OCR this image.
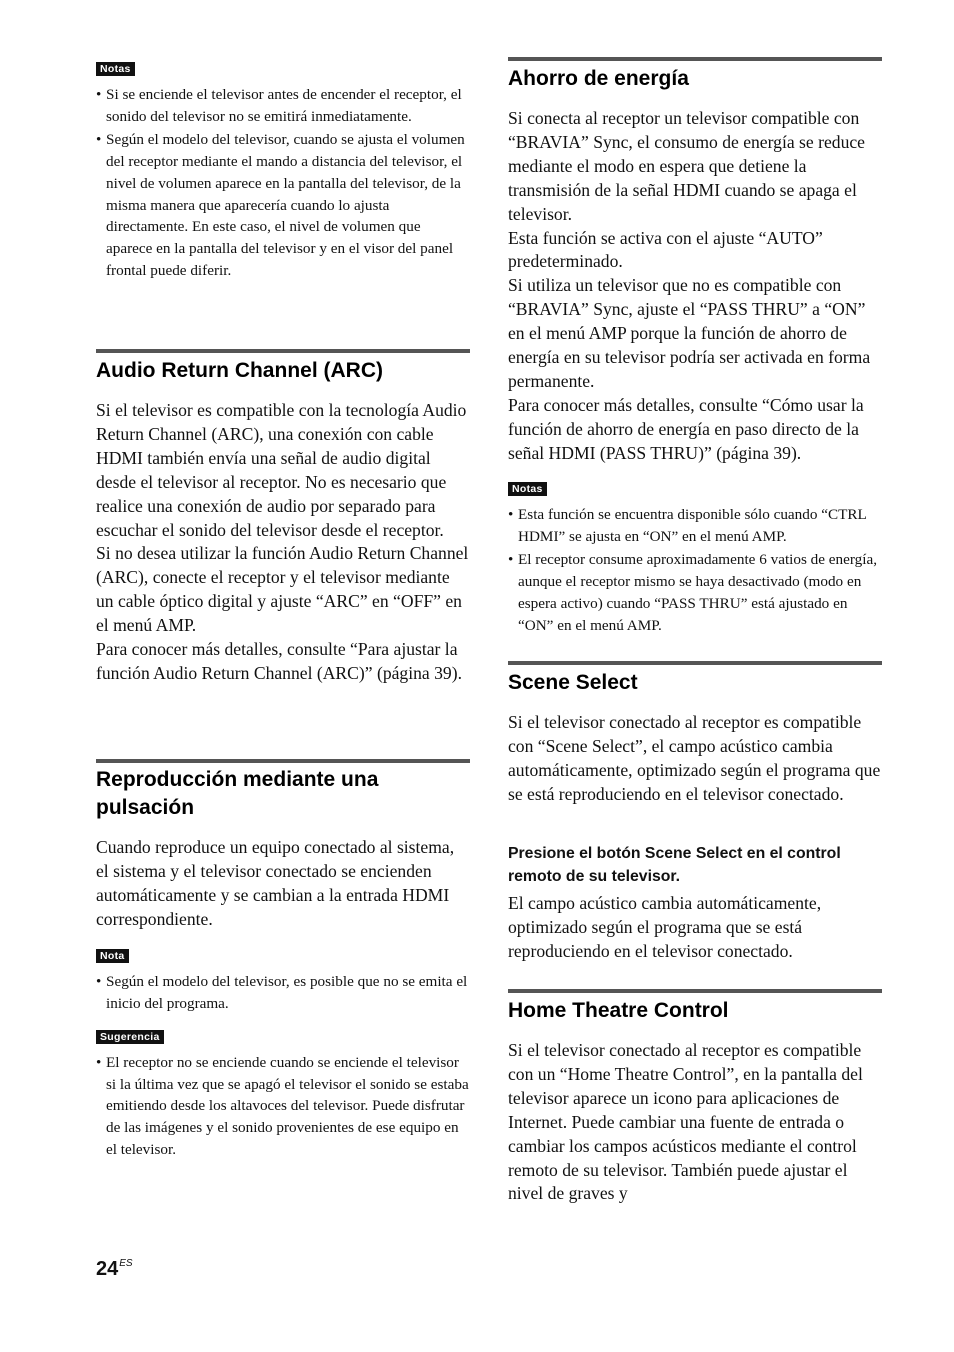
Notas
• Si se enciende el televisor antes de encender el receptor, el sonido del televisor no se emitirá inmediatamente.
• Según el modelo del televisor, cuando se ajusta el volumen del receptor mediante el mando a distancia del televisor, el nivel de volumen aparece en la pantalla del televisor, de la misma manera que aparecería cuando lo ajusta directamente. En este caso, el nivel de volumen que aparece en la pantalla del televisor y en el visor del panel frontal puede diferir.
Audio Return Channel (ARC)
Si el televisor es compatible con la tecnología Audio Return Channel (ARC), una conexión con cable HDMI también envía una señal de audio digital desde el televisor al receptor. No es necesario que realice una conexión de audio por separado para escuchar el sonido del televisor desde el receptor.
Si no desea utilizar la función Audio Return Channel (ARC), conecte el receptor y el televisor mediante un cable óptico digital y ajuste “ARC” en “OFF” en el menú AMP.
Para conocer más detalles, consulte “Para ajustar la función Audio Return Channel (ARC)” (página 39).
Reproducción mediante una pulsación
Cuando reproduce un equipo conectado al sistema, el sistema y el televisor conectado se encienden automáticamente y se cambian a la entrada HDMI correspondiente.
Nota
• Según el modelo del televisor, es posible que no se emita el inicio del programa.
Sugerencia
• El receptor no se enciende cuando se enciende el televisor si la última vez que se apagó el televisor el sonido se estaba emitiendo desde los altavoces del televisor. Puede disfrutar de las imágenes y el sonido provenientes de ese equipo en el televisor.
Ahorro de energía
Si conecta al receptor un televisor compatible con “BRAVIA” Sync, el consumo de energía se reduce mediante el modo en espera que detiene la transmisión de la señal HDMI cuando se apaga el televisor.
Esta función se activa con el ajuste “AUTO” predeterminado.
Si utiliza un televisor que no es compatible con “BRAVIA” Sync, ajuste el “PASS THRU” a “ON” en el menú AMP porque la función de ahorro de energía en su televisor podría ser activada en forma permanente.
Para conocer más detalles, consulte “Cómo usar la función de ahorro de energía en paso directo de la señal HDMI (PASS THRU)” (página 39).
Notas
• Esta función se encuentra disponible sólo cuando “CTRL HDMI” se ajusta en “ON” en el menú AMP.
• El receptor consume aproximadamente 6 vatios de energía, aunque el receptor mismo se haya desactivado (modo en espera activo) cuando “PASS THRU” está ajustado en “ON” en el menú AMP.
Scene Select
Si el televisor conectado al receptor es compatible con “Scene Select”, el campo acústico cambia automáticamente, optimizado según el programa que se está reproduciendo en el televisor conectado.

Presione el botón Scene Select en el control remoto de su televisor.

El campo acústico cambia automáticamente, optimizado según el programa que se está reproduciendo en el televisor conectado.
Home Theatre Control
Si el televisor conectado al receptor es compatible con un “Home Theatre Control”, en la pantalla del televisor aparece un icono para aplicaciones de Internet. Puede cambiar una fuente de entrada o cambiar los campos acústicos mediante el control remoto de su televisor. También puede ajustar el nivel de graves y
$24^{ES}$
